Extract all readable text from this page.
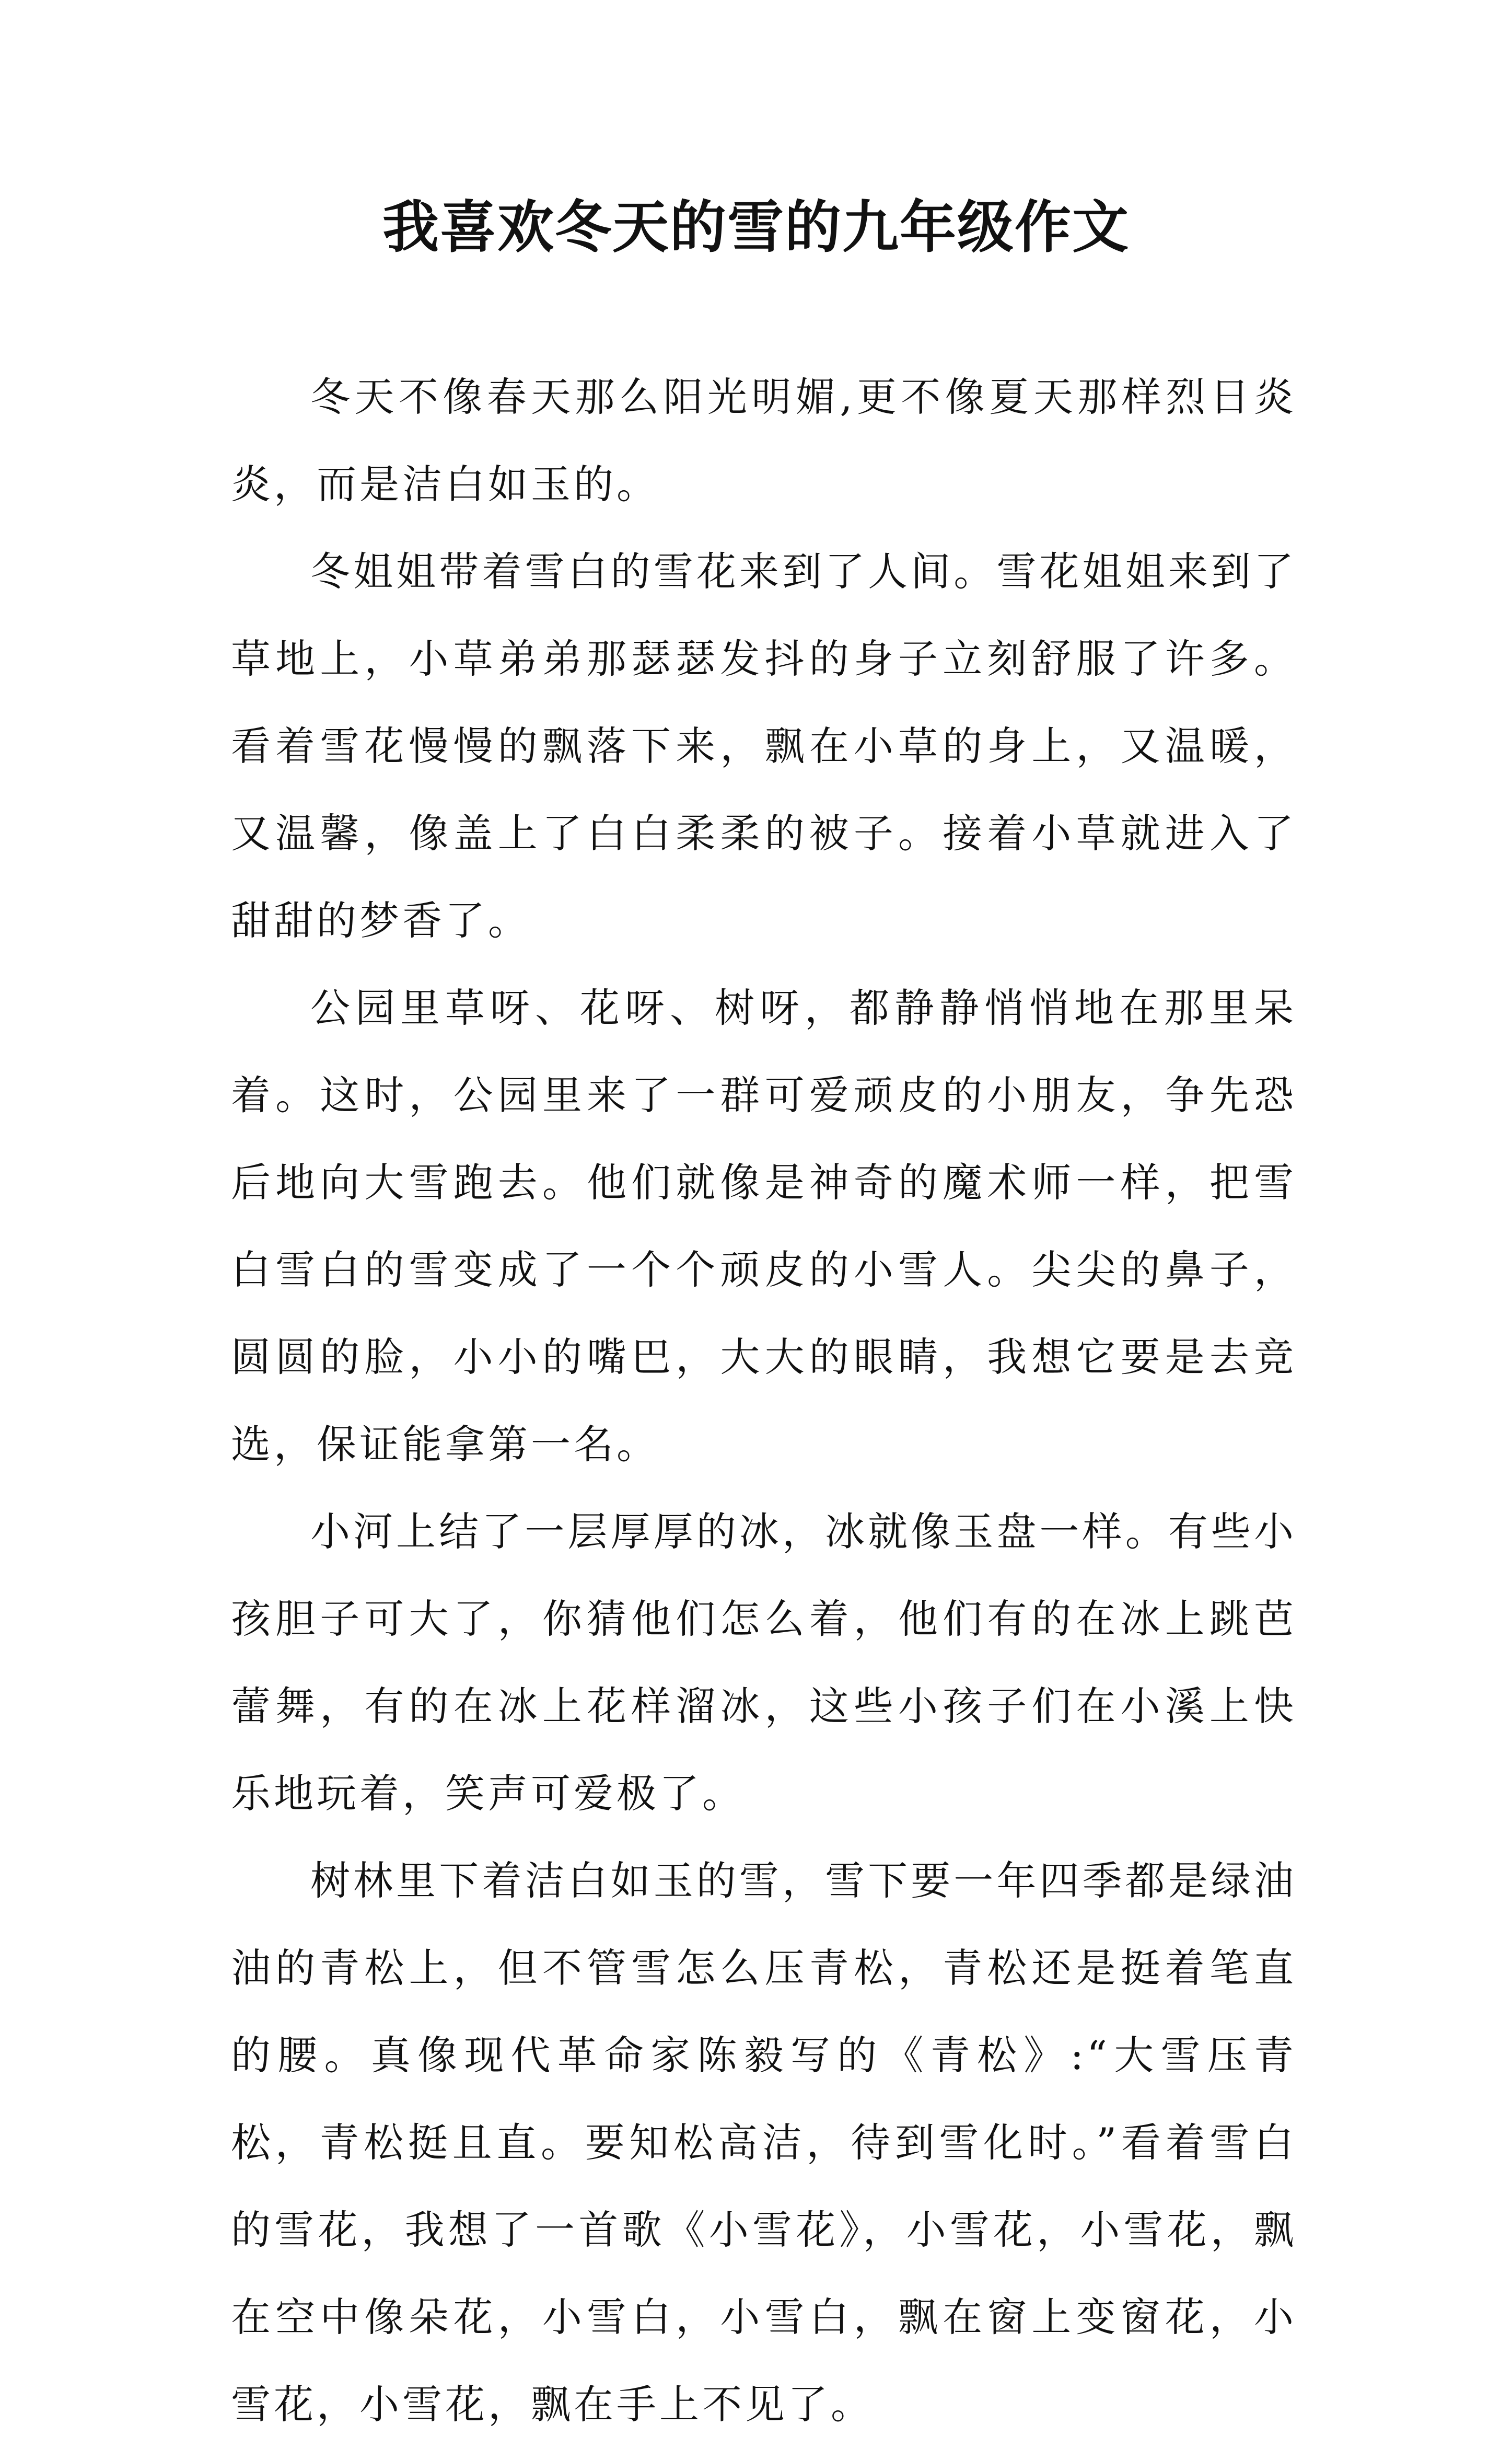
我喜欢冬天的雪的九年级作文

冬天不像春天那么阳光明媚,更不像夏天那样烈日炎炎，而是洁白如玉的。

冬姐姐带着雪白的雪花来到了人间。雪花姐姐来到了草地上，小草弟弟那瑟瑟发抖的身子立刻舒服了许多。看着雪花慢慢的飘落下来，飘在小草的身上，又温暖，又温馨，像盖上了白白柔柔的被子。接着小草就进入了甜甜的梦香了。

公园里草呀、花呀、树呀，都静静悄悄地在那里呆着。这时，公园里来了一群可爱顽皮的小朋友，争先恐后地向大雪跑去。他们就像是神奇的魔术师一样，把雪白雪白的雪变成了一个个顽皮的小雪人。尖尖的鼻子，圆圆的脸，小小的嘴巴，大大的眼睛，我想它要是去竞选，保证能拿第一名。

小河上结了一层厚厚的冰，冰就像玉盘一样。有些小孩胆子可大了，你猜他们怎么着，他们有的在冰上跳芭蕾舞，有的在冰上花样溜冰，这些小孩子们在小溪上快乐地玩着，笑声可爱极了。

树林里下着洁白如玉的雪，雪下要一年四季都是绿油油的青松上，但不管雪怎么压青松，青松还是挺着笔直的腰。真像现代革命家陈毅写的《青松》:“大雪压青松，青松挺且直。要知松高洁，待到雪化时。”看着雪白的雪花，我想了一首歌《小雪花》，小雪花，小雪花，飘在空中像朵花，小雪白，小雪白，飘在窗上变窗花，小雪花，小雪花，飘在手上不见了。
